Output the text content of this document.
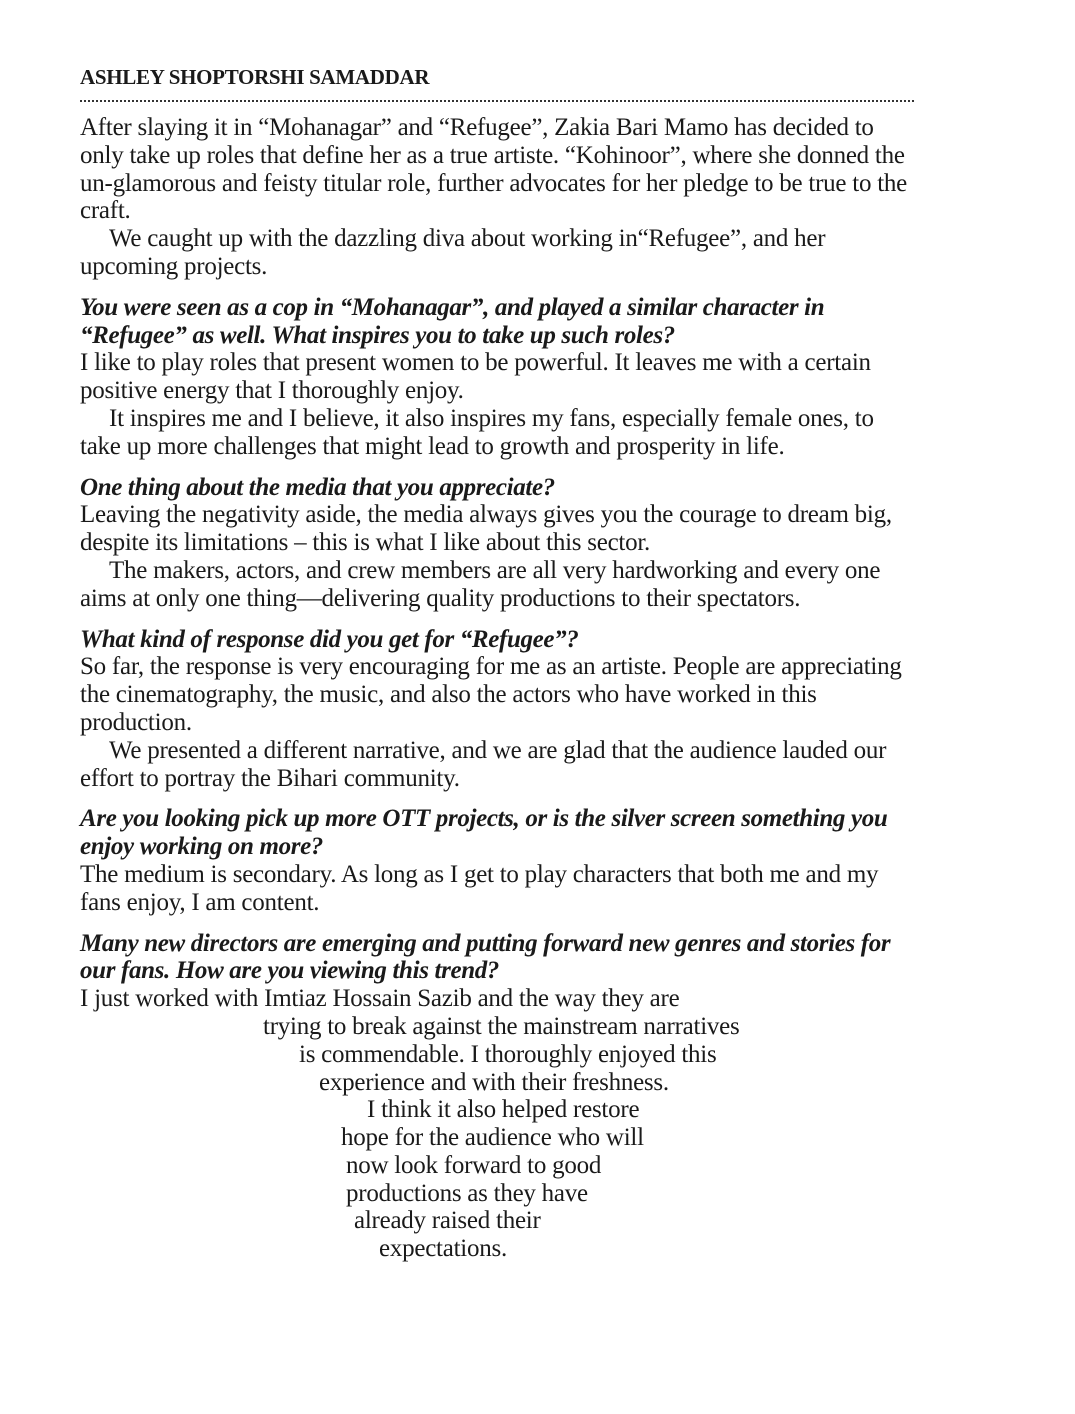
ASHLEY SHOPTORSHI SAMADDAR

After slaying it in “Mohanagar” and “Refugee”, Zakia Bari Mamo has decided to only take up roles that define her as a true artiste. “Kohinoor”, where she donned the un-glamorous and feisty titular role, further advocates for her pledge to be true to the craft.

We caught up with the dazzling diva about working in“Refugee”, and her upcoming projects.

You were seen as a cop in “Mohanagar”, and played a similar character in “Refugee” as well. What inspires you to take up such roles?

I like to play roles that present women to be powerful. It leaves me with a certain positive energy that I thoroughly enjoy.

It inspires me and I believe, it also inspires my fans, especially female ones, to take up more challenges that might lead to growth and prosperity in life.

One thing about the media that you appreciate?

Leaving the negativity aside, the media always gives you the courage to dream big, despite its limitations – this is what I like about this sector.

The makers, actors, and crew members are all very hardworking and every one aims at only one thing—delivering quality productions to their spectators.

What kind of response did you get for “Refugee”?

So far, the response is very encouraging for me as an artiste. People are appreciating the cinematography, the music, and also the actors who have worked in this production.

We presented a different narrative, and we are glad that the audience lauded our effort to portray the Bihari community.

Are you looking pick up more OTT projects, or is the silver screen something you enjoy working on more?

The medium is secondary. As long as I get to play characters that both me and my fans enjoy, I am content.

Many new directors are emerging and putting forward new genres and stories for our fans. How are you viewing this trend?

I just worked with Imtiaz Hossain Sazib and the way they are
trying to break against the mainstream narratives
is commendable. I thoroughly enjoyed this
experience and with their freshness.
I think it also helped restore
hope for the audience who will
now look forward to good
productions as they have
already raised their
expectations.
